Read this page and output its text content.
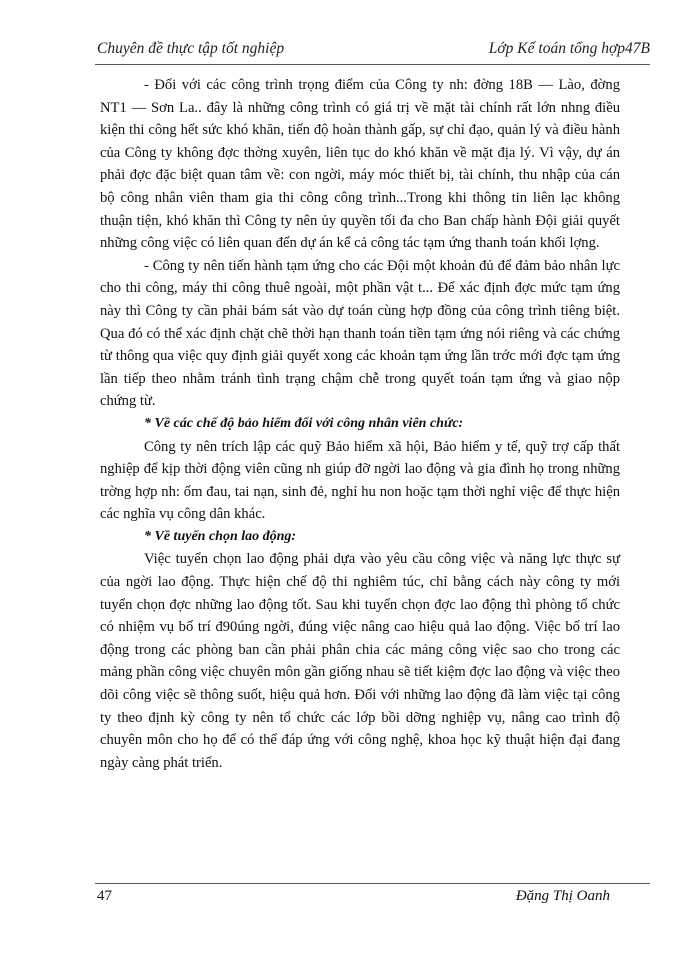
Chuyên đề thực tập tốt nghiệp	Lớp Kế toán tổng hợp47B

- Đối với các công trình trọng điểm của Công ty nh: đờng 18B — Lào, đờng NT1 — Sơn La.. đây là những công trình có giá trị về mặt tài chính rất lớn nhng điều kiện thi công hết sức khó khăn, tiến độ hoàn thành gấp, sự chỉ đạo, quản lý và điều hành của Công ty không đợc thờng xuyên, liên tục do khó khăn về mặt địa lý. Vì vậy, dự án phải đợc đặc biệt quan tâm về: con ngời, máy móc thiết bị, tài chính, thu nhập của cán bộ công nhân viên tham gia thi công công trình...Trong khi thông tin liên lạc không thuận tiện, khó khăn thì Công ty nên ủy quyền tối đa cho Ban chấp hành Đội giải quyết những công việc có liên quan đến dự án kể cả công tác tạm ứng thanh toán khối lợng.

- Công ty nên tiến hành tạm ứng cho các Đội một khoản đủ để đảm bảo nhân lực cho thi công, máy thi công thuê ngoài, một phần vật t... Để xác định đợc mức tạm ứng này thì Công ty cần phải bám sát vào dự toán cùng hợp đồng của công trình tiêng biệt. Qua đó có thể xác định chặt chẽ thời hạn thanh toán tiền tạm ứng nói riêng và các chứng từ thông qua việc quy định giải quyết xong các khoản tạm ứng lần trớc mới đợc tạm ứng lần tiếp theo nhằm tránh tình trạng chậm chễ trong quyết toán tạm ứng và giao nộp chứng từ.

* Về các chế độ bảo hiểm đối với công nhân viên chức:

Công ty nên trích lập các quỹ Bảo hiểm xã hội, Bảo hiểm y tế, quỹ trợ cấp thất nghiệp để kịp thời động viên cũng nh giúp đỡ ngời lao động và gia đình họ trong những trờng hợp nh: ốm đau, tai nạn, sinh đẻ, nghỉ hu non hoặc tạm thời nghỉ việc để thực hiện các nghĩa vụ công dân khác.

* Về tuyển chọn lao động:

Việc tuyển chọn lao động phải dựa vào yêu cầu công việc và năng lực thực sự của ngời lao động. Thực hiện chế độ thi nghiêm túc, chỉ bằng cách này công ty mới tuyển chọn đợc những lao động tốt. Sau khi tuyển chọn đợc lao động thì phòng tổ chức có nhiệm vụ bố trí đ90úng ngời, đúng việc nâng cao hiệu quả lao động. Việc bố trí lao động trong các phòng ban cần phải phân chia các mảng công việc sao cho trong các mảng phần công việc chuyên môn gần giống nhau sẽ tiết kiệm đợc lao động và việc theo dõi công việc sẽ thông suốt, hiệu quả hơn. Đối với những lao động đã làm việc tại công ty theo định kỳ công ty nên tổ chức các lớp bồi dỡng nghiệp vụ, nâng cao trình độ chuyên môn cho họ để có thể đáp ứng với công nghệ, khoa học kỹ thuật hiện đại đang ngày càng phát triển.

47	Đặng Thị Oanh
